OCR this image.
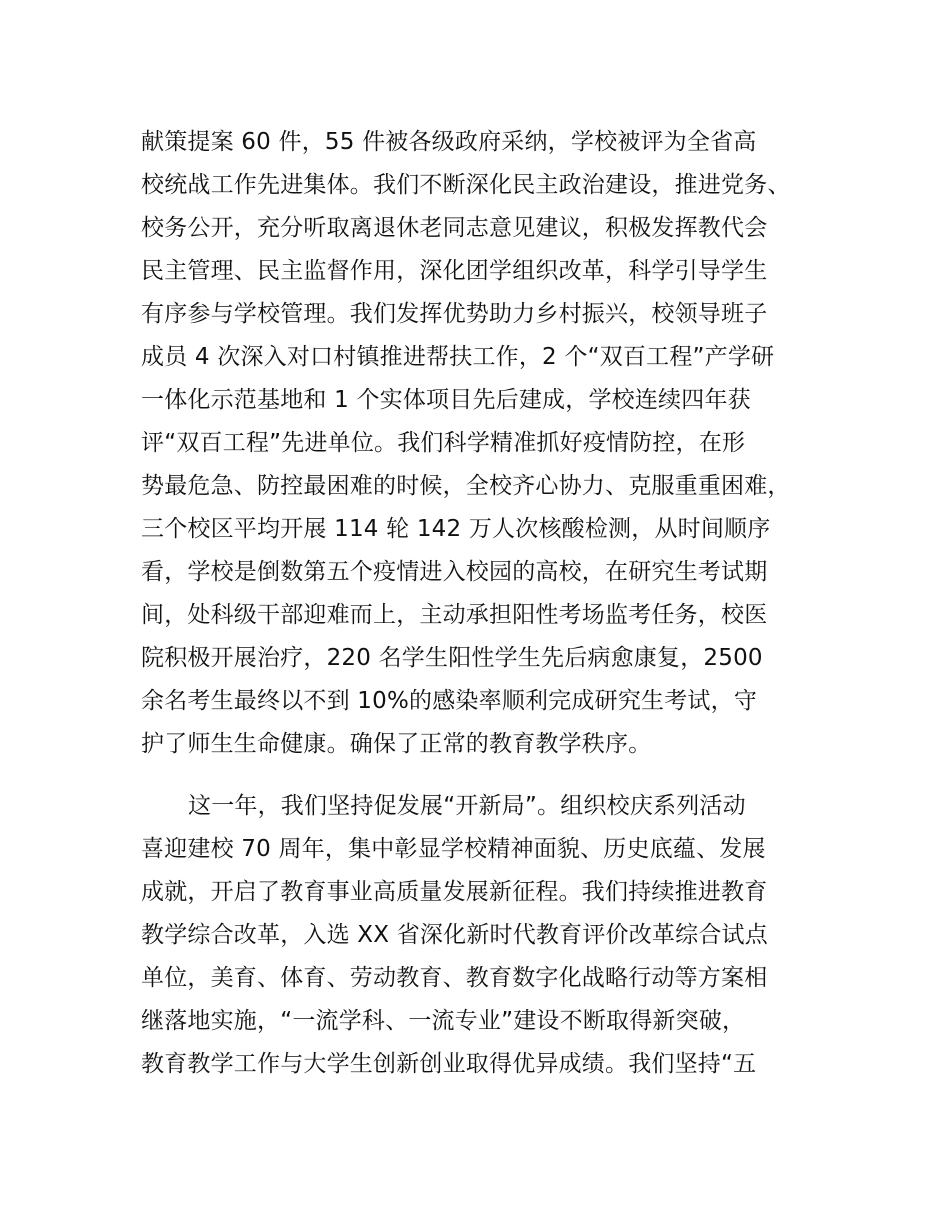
献策提案 60 件，55 件被各级政府采纳，学校被评为全省高
校统战工作先进集体。我们不断深化民主政治建设，推进党务、
校务公开，充分听取离退休老同志意见建议，积极发挥教代会
民主管理、民主监督作用，深化团学组织改革，科学引导学生
有序参与学校管理。我们发挥优势助力乡村振兴，校领导班子
成员 4 次深入对口村镇推进帮扶工作，2 个“双百工程”产学研
一体化示范基地和 1 个实体项目先后建成，学校连续四年获
评“双百工程”先进单位。我们科学精准抓好疫情防控，在形
势最危急、防控最困难的时候，全校齐心协力、克服重重困难，
三个校区平均开展 114 轮 142 万人次核酸检测，从时间顺序
看，学校是倒数第五个疫情进入校园的高校，在研究生考试期
间，处科级干部迎难而上，主动承担阳性考场监考任务，校医
院积极开展治疗，220 名学生阳性学生先后病愈康复，2500
余名考生最终以不到 10%的感染率顺利完成研究生考试，守
护了师生生命健康。确保了正常的教育教学秩序。
这一年，我们坚持促发展“开新局”。组织校庆系列活动
喜迎建校 70 周年，集中彰显学校精神面貌、历史底蕴、发展
成就，开启了教育事业高质量发展新征程。我们持续推进教育
教学综合改革，入选 XX 省深化新时代教育评价改革综合试点
单位，美育、体育、劳动教育、教育数字化战略行动等方案相
继落地实施，“一流学科、一流专业”建设不断取得新突破，
教育教学工作与大学生创新创业取得优异成绩。我们坚持“五
